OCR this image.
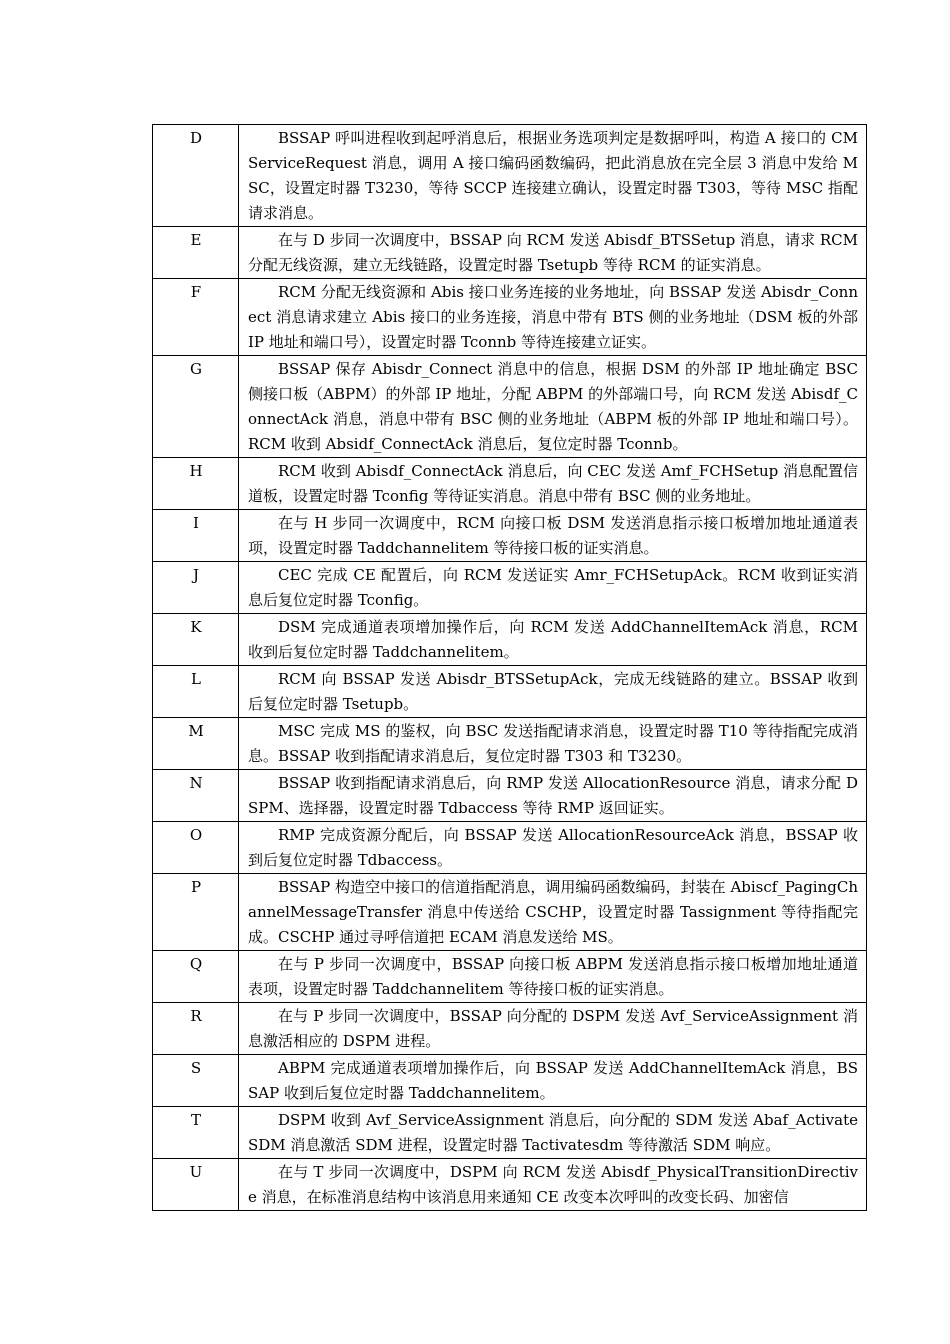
D	BSSAP 呼叫进程收到起呼消息后，根据业务选项判定是数据呼叫，构造 A 接口的 CMServiceRequest 消息，调用 A 接口编码函数编码，把此消息放在完全层 3 消息中发给 MSC，设置定时器 T3230，等待 SCCP 连接建立确认，设置定时器 T303，等待 MSC 指配请求消息。
E	在与 D 步同一次调度中，BSSAP 向 RCM 发送 Abisdf_BTSSetup 消息，请求 RCM 分配无线资源，建立无线链路，设置定时器 Tsetupb 等待 RCM 的证实消息。
F	RCM 分配无线资源和 Abis 接口业务连接的业务地址，向 BSSAP 发送 Abisdr_Connect 消息请求建立 Abis 接口的业务连接，消息中带有 BTS 侧的业务地址（DSM 板的外部 IP 地址和端口号），设置定时器 Tconnb 等待连接建立证实。
G	BSSAP 保存 Abisdr_Connect 消息中的信息，根据 DSM 的外部 IP 地址确定 BSC 侧接口板（ABPM）的外部 IP 地址，分配 ABPM 的外部端口号，向 RCM 发送 Abisdf_ConnectAck 消息，消息中带有 BSC 侧的业务地址（ABPM 板的外部 IP 地址和端口号）。RCM 收到 Absidf_ConnectAck 消息后，复位定时器 Tconnb。
H	RCM 收到 Abisdf_ConnectAck 消息后，向 CEC 发送 Amf_FCHSetup 消息配置信道板，设置定时器 Tconfig 等待证实消息。消息中带有 BSC 侧的业务地址。
I	在与 H 步同一次调度中，RCM 向接口板 DSM 发送消息指示接口板增加地址通道表项，设置定时器 Taddchannelitem 等待接口板的证实消息。
J	CEC 完成 CE 配置后，向 RCM 发送证实 Amr_FCHSetupAck。RCM 收到证实消息后复位定时器 Tconfig。
K	DSM 完成通道表项增加操作后，向 RCM 发送 AddChannelItemAck 消息，RCM 收到后复位定时器 Taddchannelitem。
L	RCM 向 BSSAP 发送 Abisdr_BTSSetupAck，完成无线链路的建立。BSSAP 收到后复位定时器 Tsetupb。
M	MSC 完成 MS 的鉴权，向 BSC 发送指配请求消息，设置定时器 T10 等待指配完成消息。BSSAP 收到指配请求消息后，复位定时器 T303 和 T3230。
N	BSSAP 收到指配请求消息后，向 RMP 发送 AllocationResource 消息，请求分配 DSPM、选择器，设置定时器 Tdbaccess 等待 RMP 返回证实。
O	RMP 完成资源分配后，向 BSSAP 发送 AllocationResourceAck 消息，BSSAP 收到后复位定时器 Tdbaccess。
P	BSSAP 构造空中接口的信道指配消息，调用编码函数编码，封装在 Abiscf_PagingChannelMessageTransfer 消息中传送给 CSCHP，设置定时器 Tassignment 等待指配完成。CSCHP 通过寻呼信道把 ECAM 消息发送给 MS。
Q	在与 P 步同一次调度中，BSSAP 向接口板 ABPM 发送消息指示接口板增加地址通道表项，设置定时器 Taddchannelitem 等待接口板的证实消息。
R	在与 P 步同一次调度中，BSSAP 向分配的 DSPM 发送 Avf_ServiceAssignment 消息激活相应的 DSPM 进程。
S	ABPM 完成通道表项增加操作后，向 BSSAP 发送 AddChannelItemAck 消息，BSSAP 收到后复位定时器 Taddchannelitem。
T	DSPM 收到 Avf_ServiceAssignment 消息后，向分配的 SDM 发送 Abaf_ActivateSDM 消息激活 SDM 进程，设置定时器 Tactivatesdm 等待激活 SDM 响应。
U	在与 T 步同一次调度中，DSPM 向 RCM 发送 Abisdf_PhysicalTransitionDirective 消息，在标准消息结构中该消息用来通知 CE 改变本次呼叫的改变长码、加密信
